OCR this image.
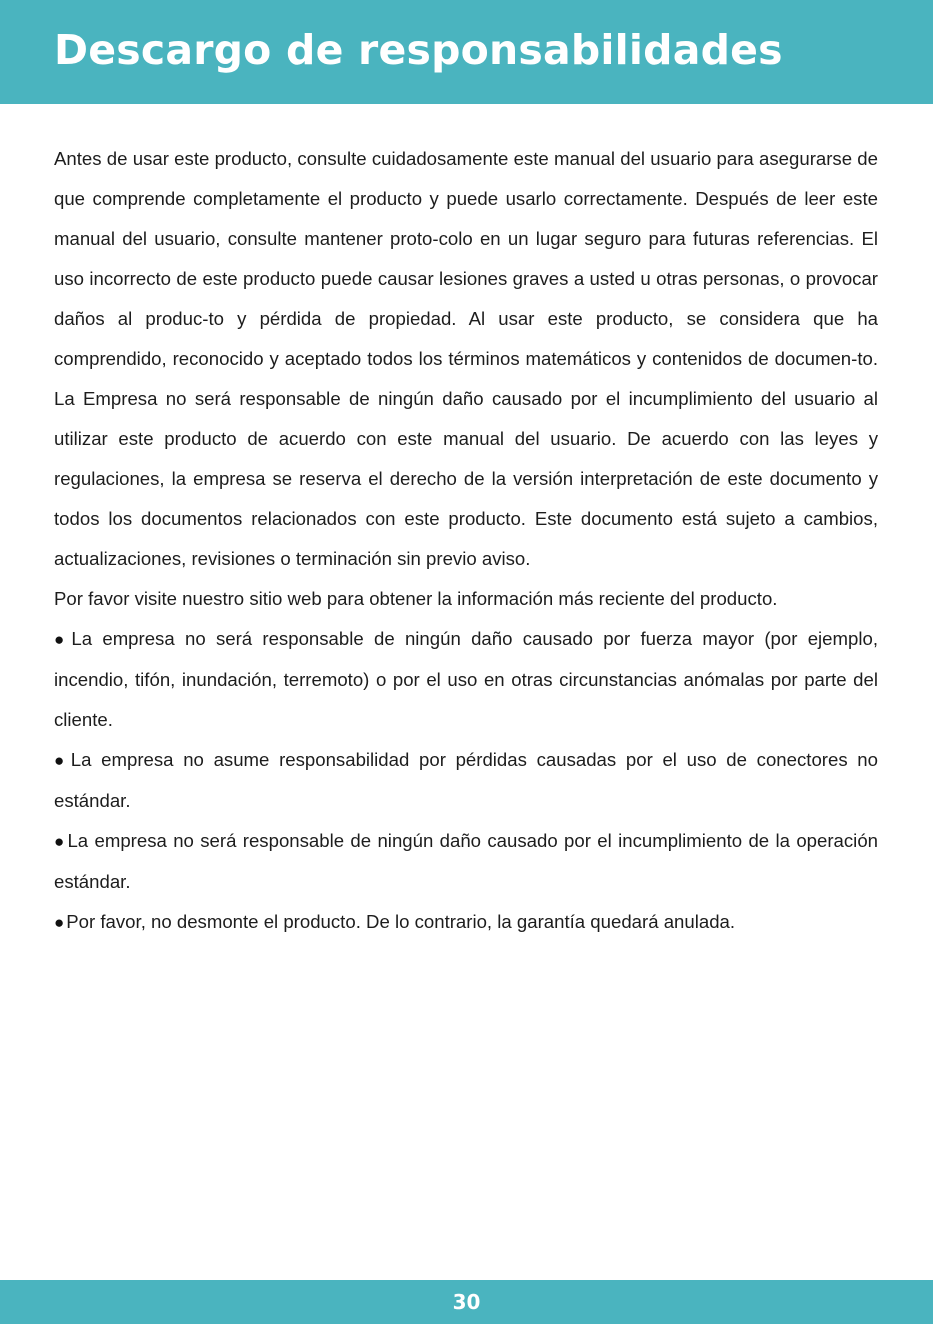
Descargo de responsabilidades

Antes de usar este producto, consulte cuidadosamente este manual del usuario para asegurarse de que comprende completamente el producto y puede usarlo correctamente. Después de leer este manual del usuario, consulte mantener proto-colo en un lugar seguro para futuras referencias. El uso incorrecto de este producto puede causar lesiones graves a usted u otras personas, o provocar daños al produc-to y pérdida de propiedad. Al usar este producto, se considera que ha comprendido, reconocido y aceptado todos los términos matemáticos y contenidos de documen-to. La Empresa no será responsable de ningún daño causado por el incumplimiento del usuario al utilizar este producto de acuerdo con este manual del usuario. De acuerdo con las leyes y regulaciones, la empresa se reserva el derecho de la versión interpretación de este documento y todos los documentos relacionados con este producto. Este documento está sujeto a cambios, actualizaciones, revisiones o terminación sin previo aviso.

Por favor visite nuestro sitio web para obtener la información más reciente del producto.

● La empresa no será responsable de ningún daño causado por fuerza mayor (por ejemplo, incendio, tifón, inundación, terremoto) o por el uso en otras circunstancias anómalas por parte del cliente.

● La empresa no asume responsabilidad por pérdidas causadas por el uso de conectores no estándar.

● La empresa no será responsable de ningún daño causado por el incumplimiento de la operación estándar.

● Por favor, no desmonte el producto. De lo contrario, la garantía quedará anulada.

30
